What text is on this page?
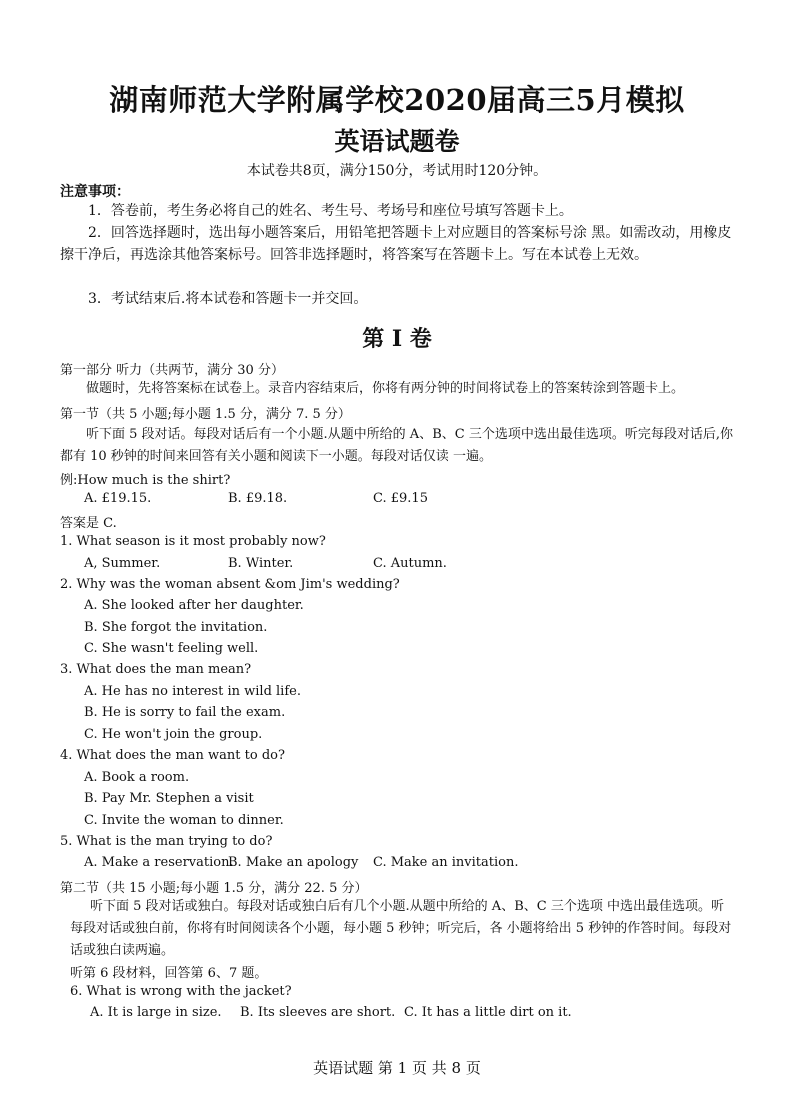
湖南师范大学附属学校2020届高三5月模拟
英语试题卷
本试卷共8页，满分150分，考试用时120分钟。
注意事项：
1．答卷前，考生务必将自己的姓名、考生号、考场号和座位号填写答题卡上。
2．回答选择题时，选出每小题答案后，用铅笔把答题卡上对应题目的答案标号涂 黑。如需改动，用橡皮擦干净后，再选涂其他答案标号。回答非选择题时，将答案写在答题卡上。写在本试卷上无效。
3．考试结束后.将本试卷和答题卡一并交回。
第 I 卷
第一部分 听力（共两节，满分 30 分）
做题时，先将答案标在试卷上。录音内容结束后，你将有两分钟的时间将试卷上的答案转涂到答题卡上。
第一节（共 5 小题;每小题 1.5 分，满分 7. 5 分）
听下面 5 段对话。每段对话后有一个小题.从题中所给的 A、B、C 三个选项中选出最佳选项。听完每段对话后,你都有 10 秒钟的时间来回答有关小题和阅读下一小题。每段对话仅读 一遍。
例:How much is the shirt?
A. £19.15.	B. £9.18.	C. £9.15
答案是 C.
1. What season is it most probably now?
A, Summer.	B. Winter.	C. Autumn.
2. Why was the woman absent &om Jim's wedding?
A. She looked after her daughter.
B. She forgot the invitation.
C. She wasn't feeling well.
3. What does the man mean?
A. He has no interest in wild life.
B. He is sorry to fail the exam.
C. He won't join the group.
4. What does the man want to do?
A. Book a room.
B. Pay Mr. Stephen a visit
C. Invite the woman to dinner.
5. What is the man trying to do?
A. Make a reservation.
B. Make an apology C. Make an invitation.
第二节（共 15 小题;每小题 1.5 分，满分 22. 5 分）
听下面 5 段对话或独白。每段对话或独白后有几个小题.从题中所给的 A、B、C 三个选项 中选出最佳选项。听每段对话或独白前，你将有时间阅读各个小题，每小题 5 秒钟；听完后，各 小题将给出 5 秒钟的作答时间。每段对话或独白读两遍。
听第 6 段材料，回答第 6、7 题。
6. What is wrong with the jacket?
A. It is large in size. B. Its sleeves are short. C. It has a little dirt on it.
英语试题 第 1 页 共 8 页
